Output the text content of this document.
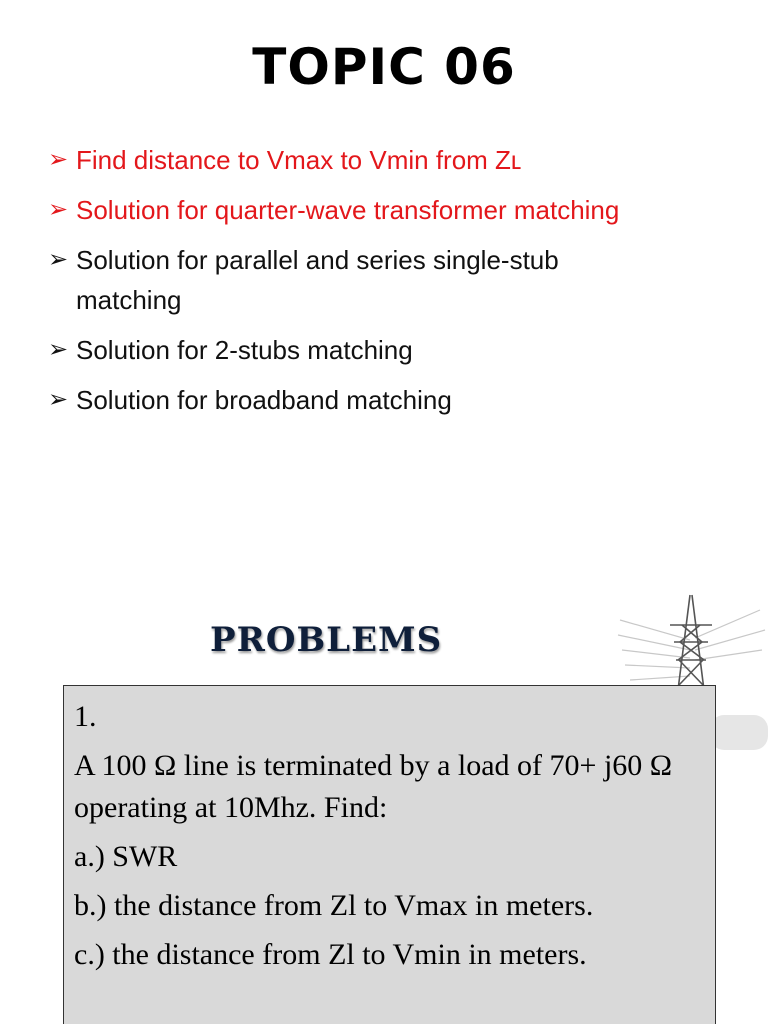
TOPIC 06
➢ Find distance to Vmax to Vmin from Zʟ
➢ Solution for quarter-wave transformer matching
➢ Solution for parallel and series single-stub matching
➢ Solution for 2-stubs matching
➢ Solution for broadband matching
PROBLEMS
1.
A 100 Ω line is terminated by a load of 70+ j60 Ω operating at 10Mhz. Find:
a.) SWR
b.) the distance from Zl to Vmax in meters.
c.) the distance from Zl to Vmin in meters.
